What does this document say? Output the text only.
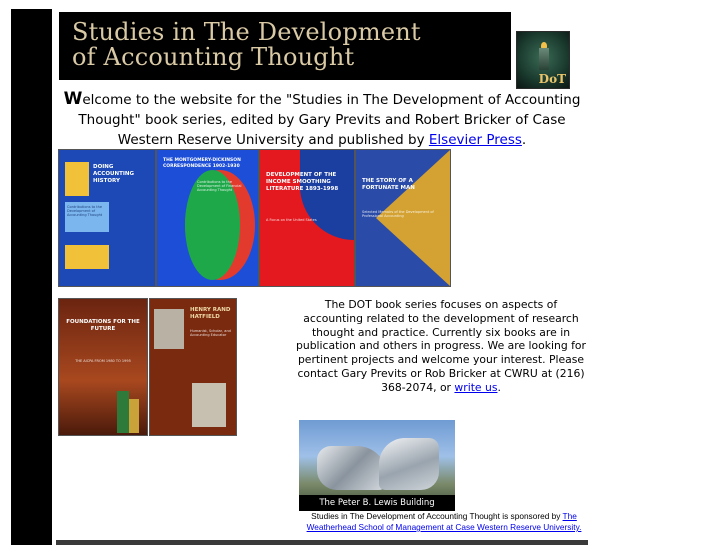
Studies in The Development
of Accounting Thought
DoT
Welcome to the website for the "Studies in The Development of Accounting Thought" book series, edited by Gary Previts and Robert Bricker of Case Western Reserve University and published by Elsevier Press.
DOING ACCOUNTING HISTORY
Contributions to the Development of Accounting Thought
THE MONTGOMERY-DICKINSON CORRESPONDENCE 1902-1930
Contributions to the Development of Financial Accounting Thought
DEVELOPMENT OF THE INCOME SMOOTHING LITERATURE 1893-1998
A Focus on the United States
THE STORY OF A FORTUNATE MAN
Selected Memoirs of the Development of Professional Accounting
FOUNDATIONS FOR THE FUTURE
THE AICPA FROM 1980 TO 1995
HENRY RAND HATFIELD
Humanist, Scholar, and Accounting Educator
The DOT book series focuses on aspects of accounting related to the development of research thought and practice. Currently six books are in publication and others in progress. We are looking for pertinent projects and welcome your interest. Please contact Gary Previts or Rob Bricker at CWRU at (216) 368-2074, or write us.
The Peter B. Lewis Building
Studies in The Development of Accounting Thought is sponsored by The Weatherhead School of Management at Case Western Reserve University.
